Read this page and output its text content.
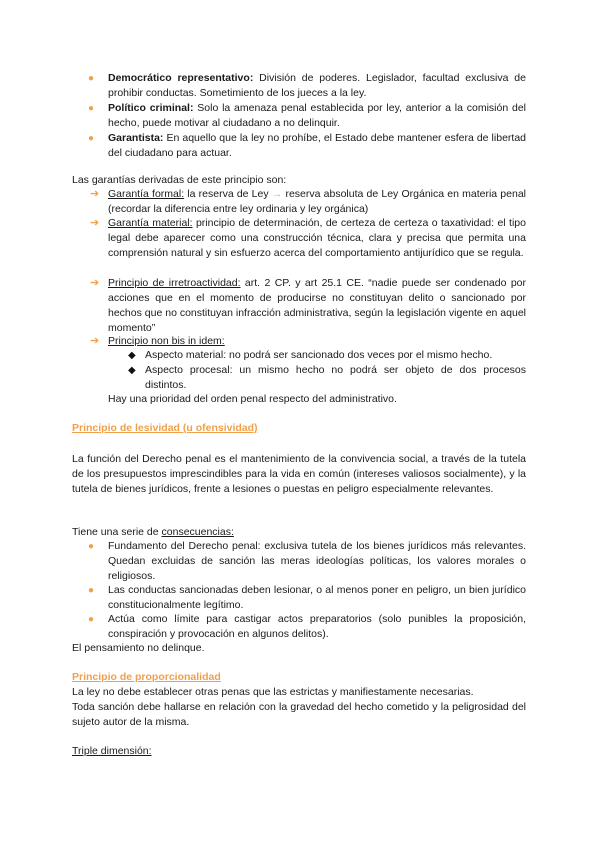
● Democrático representativo: División de poderes. Legislador, facultad exclusiva de prohibir conductas. Sometimiento de los jueces a la ley.
● Político criminal: Solo la amenaza penal establecida por ley, anterior a la comisión del hecho, puede motivar al ciudadano a no delinquir.
● Garantista: En aquello que la ley no prohíbe, el Estado debe mantener esfera de libertad del ciudadano para actuar.
Las garantías derivadas de este principio son:
➔ Garantía formal: la reserva de Ley → reserva absoluta de Ley Orgánica en materia penal (recordar la diferencia entre ley ordinaria y ley orgánica)
➔ Garantía material: principio de determinación, de certeza de certeza o taxatividad: el tipo legal debe aparecer como una construcción técnica, clara y precisa que permita una comprensión natural y sin esfuerzo acerca del comportamiento antijurídico que se regula.
➔ Principio de irretroactividad: art. 2 CP. y art 25.1 CE. “nadie puede ser condenado por acciones que en el momento de producirse no constituyan delito o sancionado por hechos que no constituyan infracción administrativa, según la legislación vigente en aquel momento”
➔ Principio non bis in idem:
◆ Aspecto material: no podrá ser sancionado dos veces por el mismo hecho.
◆ Aspecto procesal: un mismo hecho no podrá ser objeto de dos procesos distintos.
Hay una prioridad del orden penal respecto del administrativo.
Principio de lesividad (u ofensividad)
La función del Derecho penal es el mantenimiento de la convivencia social, a través de la tutela de los presupuestos imprescindibles para la vida en común (intereses valiosos socialmente), y la tutela de bienes jurídicos, frente a lesiones o puestas en peligro especialmente relevantes.
Tiene una serie de consecuencias:
● Fundamento del Derecho penal: exclusiva tutela de los bienes jurídicos más relevantes. Quedan excluidas de sanción las meras ideologías políticas, los valores morales o religiosos.
● Las conductas sancionadas deben lesionar, o al menos poner en peligro, un bien jurídico constitucionalmente legítimo.
● Actúa como límite para castigar actos preparatorios (solo punibles la proposición, conspiración y provocación en algunos delitos).
El pensamiento no delinque.
Principio de proporcionalidad
La ley no debe establecer otras penas que las estrictas y manifiestamente necesarias.
Toda sanción debe hallarse en relación con la gravedad del hecho cometido y la peligrosidad del sujeto autor de la misma.
Triple dimensión:
